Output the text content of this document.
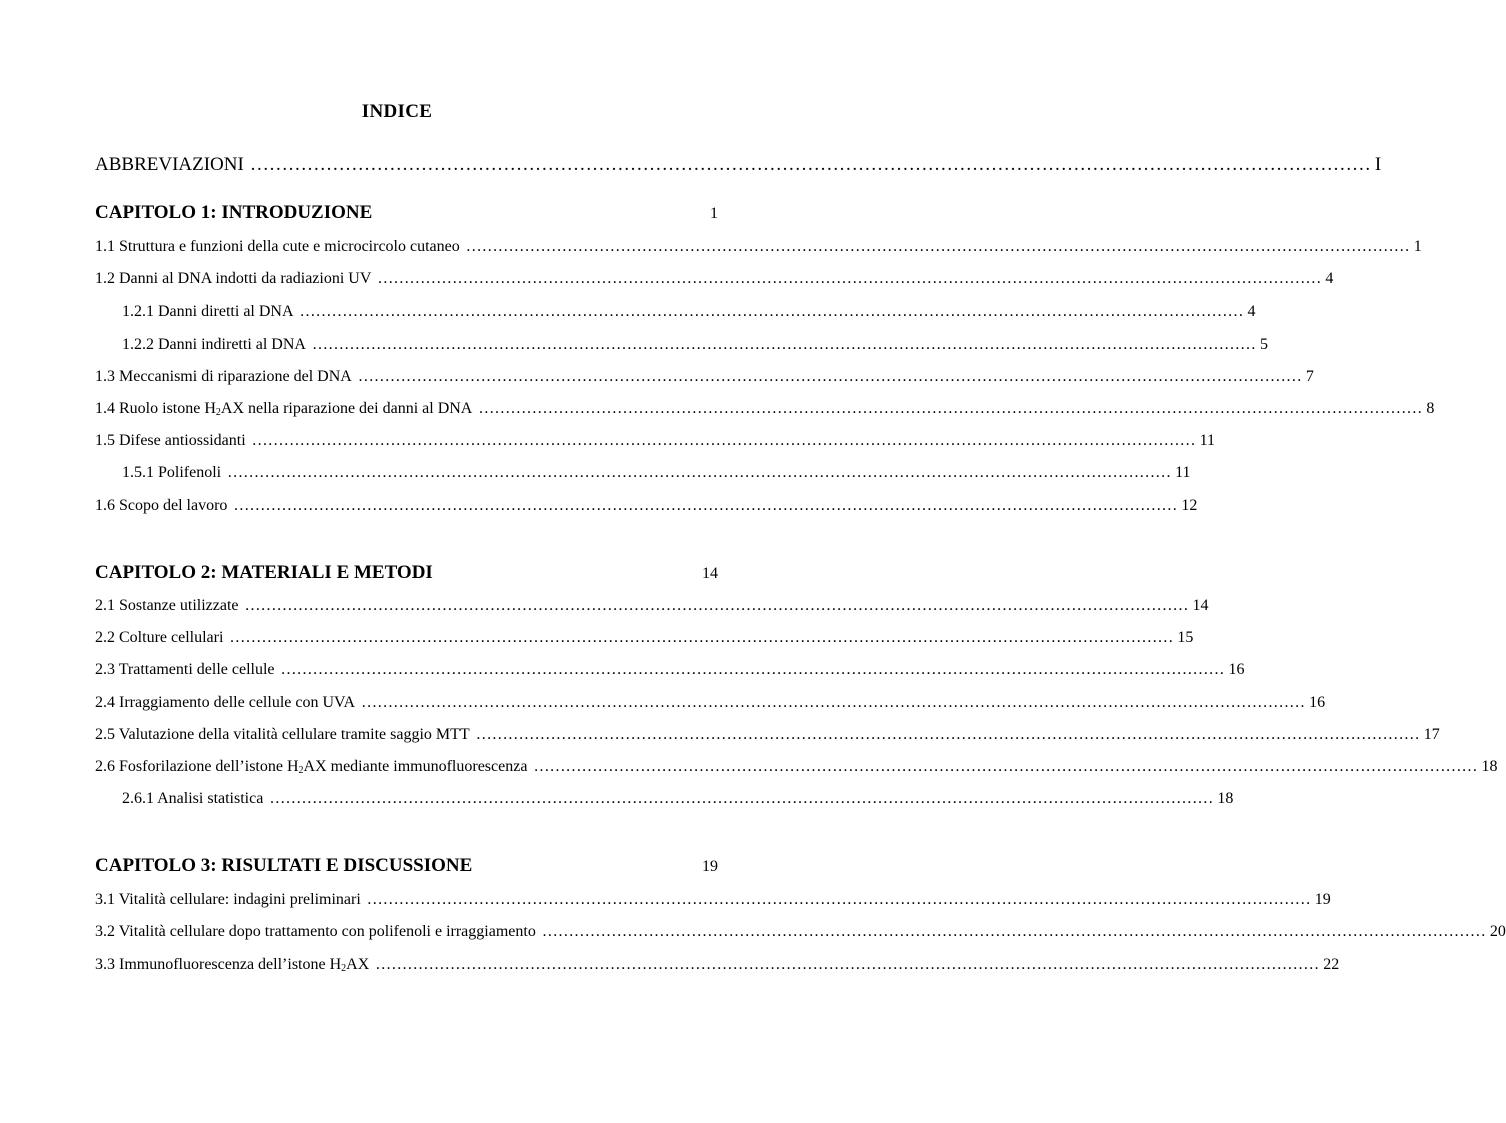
INDICE
ABBREVIAZIONI …………………………………………………………………………………………………………………………………………………………… I
CAPITOLO 1: INTRODUZIONE	1
1.1 Struttura e funzioni della cute e microcircolo cutaneo …………………………………………………………………………………………………………………………………………………………… 1
1.2 Danni al DNA indotti da radiazioni UV …………………………………………………………………………………………………………………………………………………………… 4
1.2.1 Danni diretti al DNA …………………………………………………………………………………………………………………………………………………………… 4
1.2.2 Danni indiretti al DNA …………………………………………………………………………………………………………………………………………………………… 5
1.3 Meccanismi di riparazione del DNA …………………………………………………………………………………………………………………………………………………………… 7
1.4 Ruolo istone $H_2AX$ nella riparazione dei danni al DNA …………………………………………………………………………………………………………………………………………………………… 8
1.5 Difese antiossidanti …………………………………………………………………………………………………………………………………………………………… 11
1.5.1 Polifenoli …………………………………………………………………………………………………………………………………………………………… 11
1.6 Scopo del lavoro …………………………………………………………………………………………………………………………………………………………… 12
CAPITOLO 2: MATERIALI E METODI	14
2.1 Sostanze utilizzate …………………………………………………………………………………………………………………………………………………………… 14
2.2 Colture cellulari …………………………………………………………………………………………………………………………………………………………… 15
2.3 Trattamenti delle cellule …………………………………………………………………………………………………………………………………………………………… 16
2.4 Irraggiamento delle cellule con UVA …………………………………………………………………………………………………………………………………………………………… 16
2.5 Valutazione della vitalità cellulare tramite saggio MTT …………………………………………………………………………………………………………………………………………………………… 17
2.6 Fosforilazione dell’istone $H_2AX$ mediante immunofluorescenza …………………………………………………………………………………………………………………………………………………………… 18
2.6.1 Analisi statistica …………………………………………………………………………………………………………………………………………………………… 18
CAPITOLO 3: RISULTATI E DISCUSSIONE	19
3.1 Vitalità cellulare: indagini preliminari …………………………………………………………………………………………………………………………………………………………… 19
3.2 Vitalità cellulare dopo trattamento con polifenoli e irraggiamento …………………………………………………………………………………………………………………………………………………………… 20
3.3 Immunofluorescenza dell’istone $H_2AX$ …………………………………………………………………………………………………………………………………………………………… 22
